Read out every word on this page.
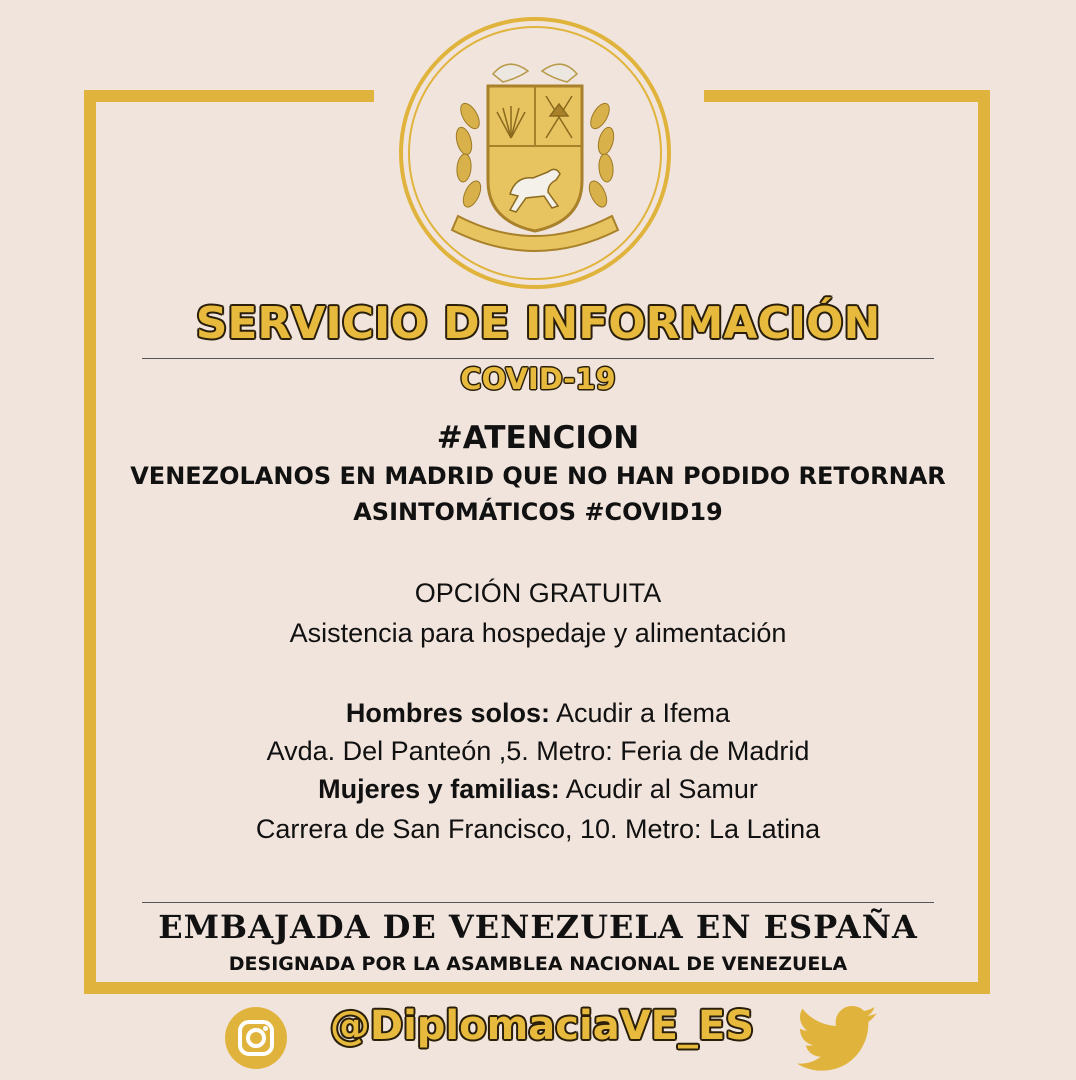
SERVICIO DE INFORMACIÓN
COVID-19
#ATENCION
VENEZOLANOS EN MADRID QUE NO HAN PODIDO RETORNAR
ASINTOMÁTICOS #COVID19
OPCIÓN GRATUITA
Asistencia para hospedaje y alimentación
Hombres solos: Acudir a Ifema
Avda. Del Panteón ,5. Metro: Feria de Madrid
Mujeres y familias: Acudir al Samur
Carrera de San Francisco, 10. Metro: La Latina
EMBAJADA DE VENEZUELA EN ESPAÑA
DESIGNADA POR LA ASAMBLEA NACIONAL DE VENEZUELA
@DiplomaciaVE_ES
